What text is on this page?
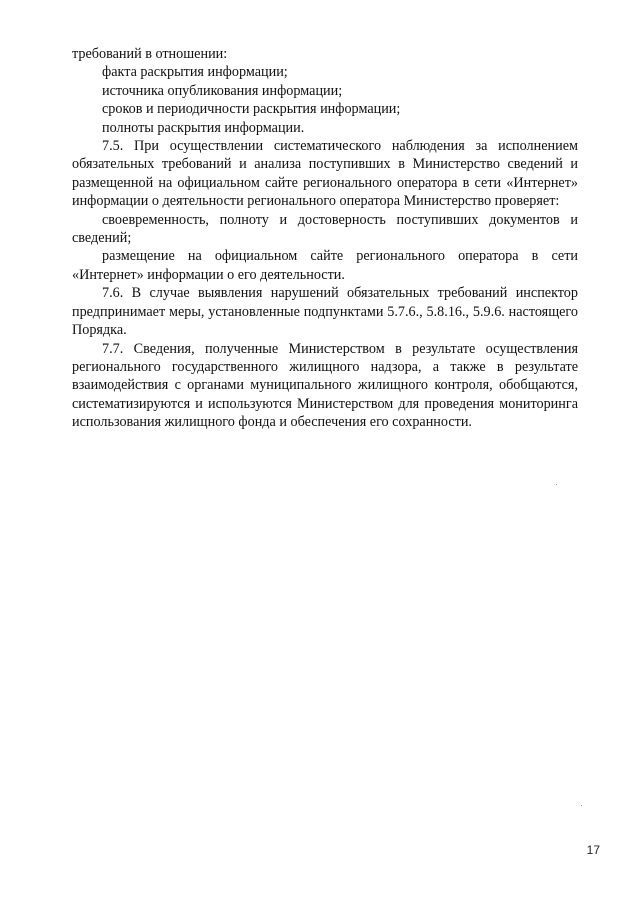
требований в отношении:

факта раскрытия информации;

источника опубликования информации;

сроков и периодичности раскрытия информации;

полноты раскрытия информации.

7.5. При осуществлении систематического наблюдения за исполнением обязательных требований и анализа поступивших в Министерство сведений и размещенной на официальном сайте регионального оператора в сети «Интернет» информации о деятельности регионального оператора Министерство проверяет:

своевременность, полноту и достоверность поступивших документов и сведений;

размещение на официальном сайте регионального оператора в сети «Интернет» информации о его деятельности.

7.6. В случае выявления нарушений обязательных требований инспектор предпринимает меры, установленные подпунктами 5.7.6., 5.8.16., 5.9.6. настоящего Порядка.

7.7. Сведения, полученные Министерством в результате осуществления регионального государственного жилищного надзора, а также в результате взаимодействия с органами муниципального жилищного контроля, обобщаются, систематизируются и используются Министерством для проведения мониторинга использования жилищного фонда и обеспечения его сохранности.

17
